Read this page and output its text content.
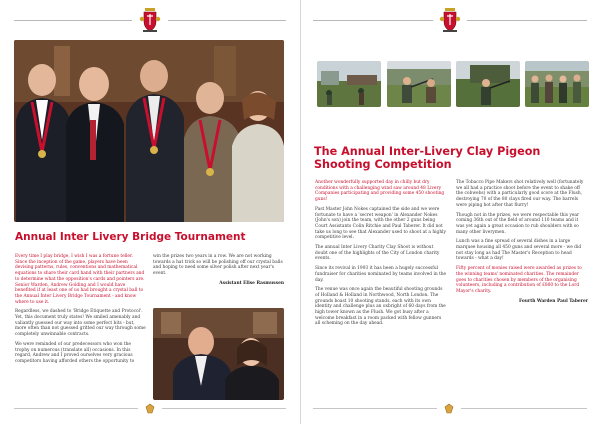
Annual Inter Livery Bridge Tournament

Every time I play bridge, I wish I was a fortune teller. Since the inception of the game, players have been devising patterns, rules, conventions and mathematical equations to share their card hand with their partners and to determine what the opposition's cards and pointers are. Senior Warden, Andrew Golding and I would have benefited if at least one of us had brought a crystal ball to the Annual Inter Livery Bridge Tournament - and know where to use it.

Regardless, we dashed to 'Bridge Etiquette and Protocol'. Yet, this document truly states! We smiled amenably and valiantly guessed our way into some perfect bits - but, more often than not guessed gritted our way through some completely unwinnable contracts.

We were reminded of our predecessors who won the trophy on numerous (translate all) occasions. In this regard, Andrew and I proved ourselves very gracious competitors having afforded others the opportunity to

win the prizes two years in a row. We are not working towards a hat trick so will be polishing off our crystal balls and hoping to need some silver polish after next year's event.

Assistant Elise Rasmussen

The Annual Inter-Livery Clay Pigeon
Shooting Competition

Another wonderfully supported day in chilly but dry conditions with a challenging wind saw around 48 Livery Companies participating and providing some 450 shooting guns!

Past Master John Nokes captained the side and we were fortunate to have a 'secret weapon' in Alexander Nokes (John's son) join the team, with the other 2 guns being Court Assistants Colin Ritchie and Paul Taberer. It did not take us long to see that Alexander used to shoot at a highly competitive level.

The annual Inter Livery Charity Clay Shoot is without doubt one of the highlights of the City of London charity events.

Since its revival in 1993 it has been a hugely successful fundraiser for charities nominated by teams involved in the day.

The venue was once again the beautiful shooting grounds of Holland & Holland in Northwood, North London. The grounds boast 10 shooting stands, each with its own identity and challenge plus an oxbright of 60 days from the high tower known as the Flush. We got busy after a welcome breakfast in a room packed with fellow gunners all scheming on the day ahead.

The Tobacco Pipe Makers shot relatively well (fortunately we all had a practice shoot before the event to shake off the cobwebs) with a particularly good score at the Flush, destroying 70 of the 80 clays fired our way. The barrels were piping hot after that flurry!

Though not in the prizes, we were respectable this year coming 36th out of the field of around 110 teams and it was yet again a great occasion to rub shoulders with so many other liverymen.

Lunch was a fine spread of several dishes in a large marquee housing all 450 guns and several more - we did not stay long as had The Master's Reception to head towards - what a day!

Fifty percent of monies raised were awarded as prizes to the winning teams' nominated charities. The remainder goes to charities chosen by members of the organising volunteers, including a contribution of £800 to the Lord Mayor's charity.

Fourth Warden Paul Taberer
